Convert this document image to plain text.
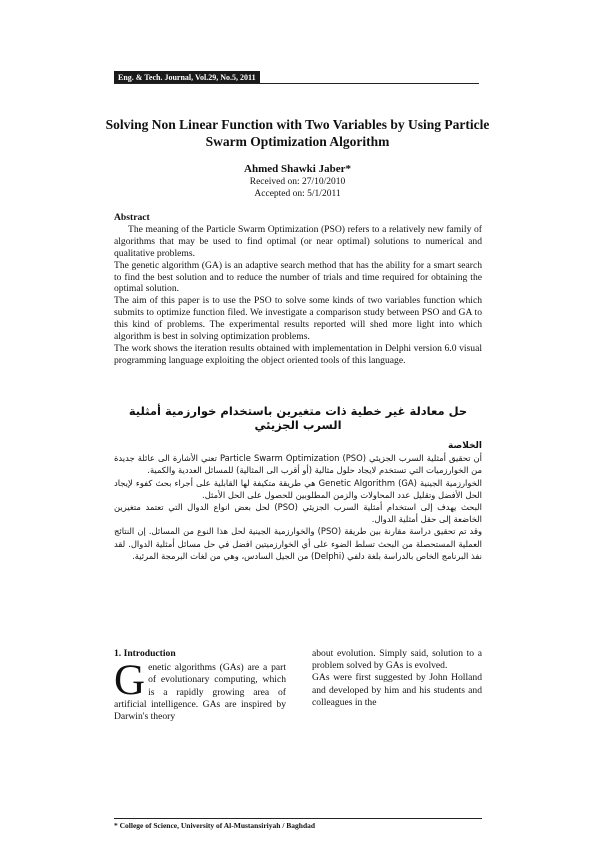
Eng. & Tech. Journal, Vol.29, No.5, 2011
Solving Non Linear Function with Two Variables by Using Particle Swarm Optimization Algorithm
Ahmed Shawki Jaber*
Received on: 27/10/2010
Accepted on: 5/1/2011
Abstract

The meaning of the Particle Swarm Optimization (PSO) refers to a relatively new family of algorithms that may be used to find optimal (or near optimal) solutions to numerical and qualitative problems.

The genetic algorithm (GA) is an adaptive search method that has the ability for a smart search to find the best solution and to reduce the number of trials and time required for obtaining the optimal solution.

The aim of this paper is to use the PSO to solve some kinds of two variables function which submits to optimize function filed. We investigate a comparison study between PSO and GA to this kind of problems. The experimental results reported will shed more light into which algorithm is best in solving optimization problems.

The work shows the iteration results obtained with implementation in Delphi version 6.0 visual programming language exploiting the object oriented tools of this language.

حل معادلة غير خطية ذات متغيرين باستخدام خوارزمية أمثلية السرب الجزيئي

الخلاصة

أن تحقيق أمثلية السرب الجزيئي (PSO) Particle Swarm Optimization تعني الأشارة الى عائلة جديدة من الخوارزميات التي تستخدم لايجاد حلول مثالية (أو أقرب الى المثالية) للمسائل العددية والكمية.

الخوارزمية الجينية (GA) Genetic Algorithm هي طريقة متكيفة لها القابلية على أجراء بحث كفوء لإيجاد الحل الأفضل وتقليل عدد المحاولات والزمن المطلوبين للحصول على الحل الأمثل.

البحث يهدف إلى استخدام أمثلية السرب الجزيئي (PSO) لحل بعض انواع الدوال التي تعتمد متغيرين الخاضعة إلى حقل أمثلية الدوال.

وقد تم تحقيق دراسة مقارنة بين طريقة (PSO) والخوارزمية الجينية لحل هذا النوع من المسائل. إن النتائج العملية المستحصلة من البحث تسلط الضوء على أي الخوارزميتين افضل في حل مسائل أمثلية الدوال. لقد نفذ البرنامج الخاص بالدراسة بلغة دلفي (Delphi) من الجيل السادس، وهي من لغات البرمجة المرئية.

1. Introduction

Genetic algorithms (GAs) are a part of evolutionary computing, which is a rapidly growing area of artificial intelligence. GAs are inspired by Darwin's theory

about evolution. Simply said, solution to a problem solved by GAs is evolved.

GAs were first suggested by John Holland and developed by him and his students and colleagues in the

* College of Science, University of Al-Mustansiriyah / Baghdad
